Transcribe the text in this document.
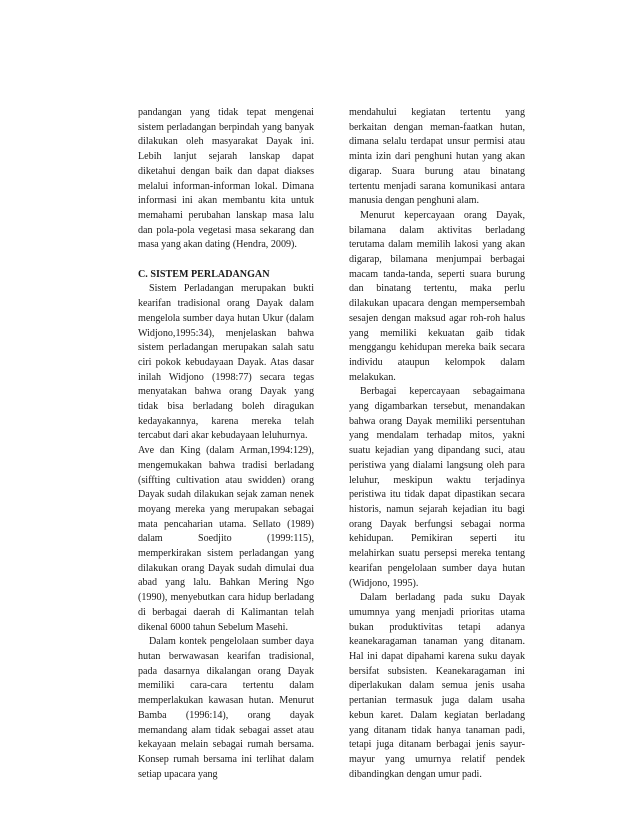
pandangan yang tidak tepat mengenai sistem perladangan berpindah yang banyak dilakukan oleh masyarakat Dayak ini. Lebih lanjut sejarah lanskap dapat diketahui dengan baik dan dapat diakses melalui informan-informan lokal. Dimana informasi ini akan membantu kita untuk memahami perubahan lanskap masa lalu dan pola-pola vegetasi masa sekarang dan masa yang akan dating (Hendra, 2009).

C. SISTEM PERLADANGAN

Sistem Perladangan merupakan bukti kearifan tradisional orang Dayak dalam mengelola sumber daya hutan Ukur (dalam Widjono,1995:34), menjelaskan bahwa sistem perladangan merupakan salah satu ciri pokok kebudayaan Dayak. Atas dasar inilah Widjono (1998:77) secara tegas menyatakan bahwa orang Dayak yang tidak bisa berladang boleh diragukan kedayakannya, karena mereka telah tercabut dari akar kebudayaan leluhurnya.

Ave dan King (dalam Arman,1994:129), mengemukakan bahwa tradisi berladang (siffting cultivation atau swidden) orang Dayak sudah dilakukan sejak zaman nenek moyang mereka yang merupakan sebagai mata pencaharian utama. Sellato (1989) dalam Soedjito (1999:115), memperkirakan sistem perladangan yang dilakukan orang Dayak sudah dimulai dua abad yang lalu. Bahkan Mering Ngo (1990), menyebutkan cara hidup berladang di berbagai daerah di Kalimantan telah dikenal 6000 tahun Sebelum Masehi.

Dalam kontek pengelolaan sumber daya hutan berwawasan kearifan tradisional, pada dasarnya dikalangan orang Dayak memiliki cara-cara tertentu dalam memperlakukan kawasan hutan. Menurut Bamba (1996:14), orang dayak memandang alam tidak sebagai asset atau kekayaan melain sebagai rumah bersama. Konsep rumah bersama ini terlihat dalam setiap upacara yang

mendahului kegiatan tertentu yang berkaitan dengan meman-faatkan hutan, dimana selalu terdapat unsur permisi atau minta izin dari penghuni hutan yang akan digarap. Suara burung atau binatang tertentu menjadi sarana komunikasi antara manusia dengan penghuni alam.

Menurut kepercayaan orang Dayak, bilamana dalam aktivitas berladang terutama dalam memilih lakosi yang akan digarap, bilamana menjumpai berbagai macam tanda-tanda, seperti suara burung dan binatang tertentu, maka perlu dilakukan upacara dengan mempersembah sesajen dengan maksud agar roh-roh halus yang memiliki kekuatan gaib tidak menggangu kehidupan mereka baik secara individu ataupun kelompok dalam melakukan.

Berbagai kepercayaan sebagaimana yang digambarkan tersebut, menandakan bahwa orang Dayak memiliki persentuhan yang mendalam terhadap mitos, yakni suatu kejadian yang dipandang suci, atau peristiwa yang dialami langsung oleh para leluhur, meskipun waktu terjadinya peristiwa itu tidak dapat dipastikan secara historis, namun sejarah kejadian itu bagi orang Dayak berfungsi sebagai norma kehidupan. Pemikiran seperti itu melahirkan suatu persepsi mereka tentang kearifan pengelolaan sumber daya hutan (Widjono, 1995).

Dalam berladang pada suku Dayak umumnya yang menjadi prioritas utama bukan produktivitas tetapi adanya keanekaragaman tanaman yang ditanam. Hal ini dapat dipahami karena suku dayak bersifat subsisten. Keanekaragaman ini diperlakukan dalam semua jenis usaha pertanian termasuk juga dalam usaha kebun karet. Dalam kegiatan berladang yang ditanam tidak hanya tanaman padi, tetapi juga ditanam berbagai jenis sayur-mayur yang umurnya relatif pendek dibandingkan dengan umur padi.
